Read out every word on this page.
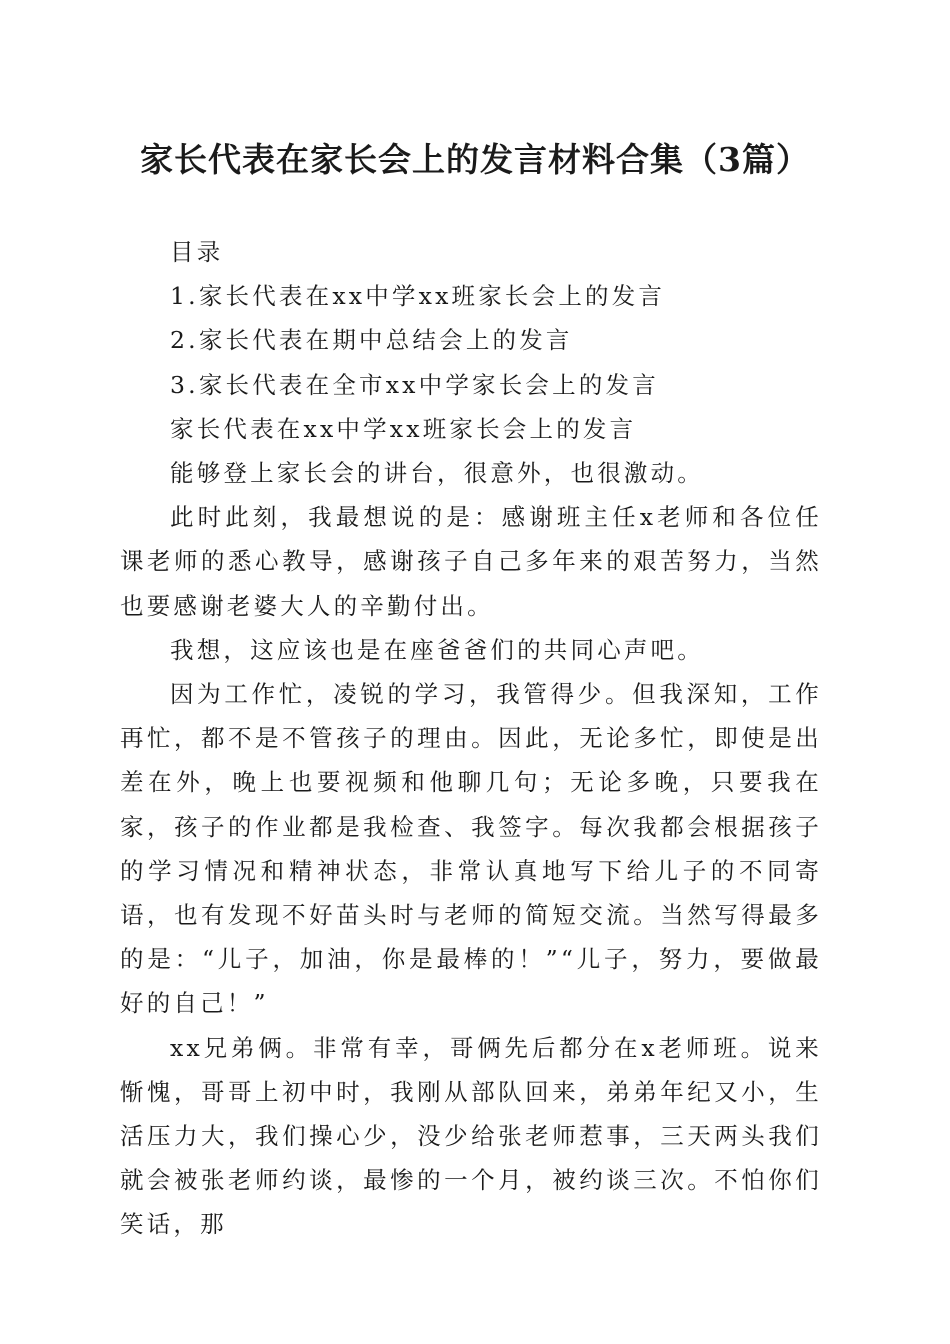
家长代表在家长会上的发言材料合集（3篇）

目录

1.家长代表在xx中学xx班家长会上的发言

2.家长代表在期中总结会上的发言

3.家长代表在全市xx中学家长会上的发言

家长代表在xx中学xx班家长会上的发言

能够登上家长会的讲台，很意外，也很激动。

此时此刻，我最想说的是：感谢班主任x老师和各位任课老师的悉心教导，感谢孩子自己多年来的艰苦努力，当然也要感谢老婆大人的辛勤付出。

我想，这应该也是在座爸爸们的共同心声吧。

因为工作忙，凌锐的学习，我管得少。但我深知，工作再忙，都不是不管孩子的理由。因此，无论多忙，即使是出差在外，晚上也要视频和他聊几句；无论多晚，只要我在家，孩子的作业都是我检查、我签字。每次我都会根据孩子的学习情况和精神状态，非常认真地写下给儿子的不同寄语，也有发现不好苗头时与老师的简短交流。当然写得最多的是：“儿子，加油，你是最棒的！”“儿子，努力，要做最好的自己！”

xx兄弟俩。非常有幸，哥俩先后都分在x老师班。说来惭愧，哥哥上初中时，我刚从部队回来，弟弟年纪又小，生活压力大，我们操心少，没少给张老师惹事，三天两头我们就会被张老师约谈，最惨的一个月，被约谈三次。不怕你们笑话，那
